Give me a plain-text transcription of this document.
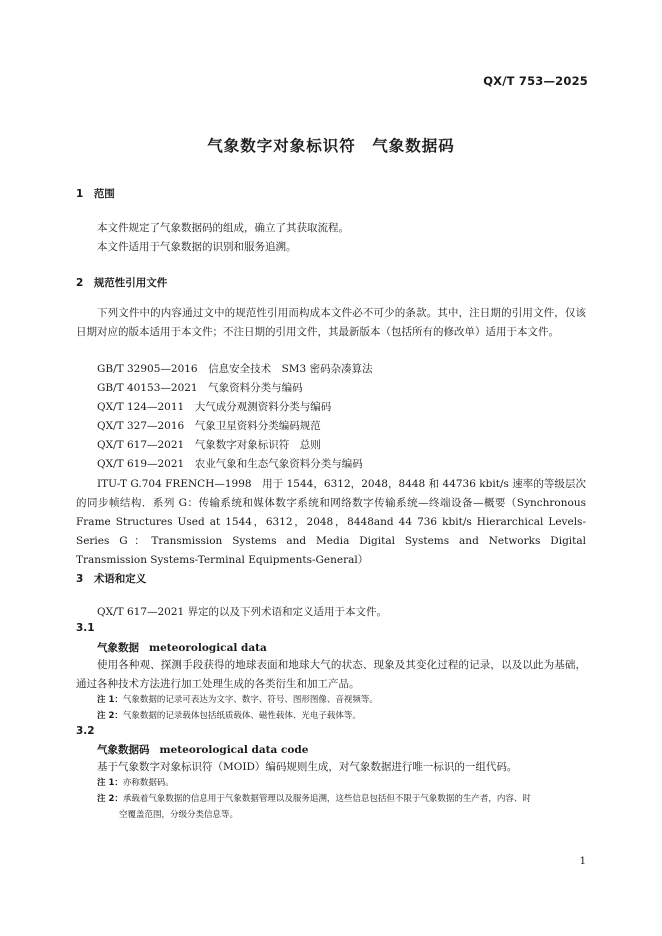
QX/T 753—2025
气象数字对象标识符　气象数据码
1　 范围
本文件规定了气象数据码的组成，确立了其获取流程。
本文件适用于气象数据的识别和服务追溯。
2　 规范性引用文件
下列文件中的内容通过文中的规范性引用而构成本文件必不可少的条款。其中，注日期的引用文件，仅该日期对应的版本适用于本文件；不注日期的引用文件，其最新版本（包括所有的修改单）适用于本文件。
GB/T 32905—2016　信息安全技术　SM3 密码杂凑算法
GB/T 40153—2021　气象资料分类与编码
QX/T 124—2011　大气成分观测资料分类与编码
QX/T 327—2016　气象卫星资料分类编码规范
QX/T 617—2021　气象数字对象标识符　总则
QX/T 619—2021　农业气象和生态气象资料分类与编码
ITU-T G.704 FRENCH—1998　用于 1544，6312，2048，8448 和 44736 kbit/s 速率的等级层次的同步帧结构．系列 G：传输系统和媒体数字系统和网络数字传输系统—终端设备—概要（Synchronous Frame Structures Used at 1544，6312，2048，8448and 44 736 kbit/s Hierarchical Levels-Series G：Transmission Systems and Media Digital Systems and Networks Digital Transmission Systems-Terminal Equipments-General）
3　 术语和定义
QX/T 617—2021 界定的以及下列术语和定义适用于本文件。
3.1
气象数据 meteorological data
使用各种观、探测手段获得的地球表面和地球大气的状态、现象及其变化过程的记录，以及以此为基础，通过各种技术方法进行加工处理生成的各类衍生和加工产品。
注 1：气象数据的记录可表达为文字、数字、符号、图形图像、音视频等。
注 2：气象数据的记录载体包括纸质载体、磁性载体、光电子载体等。
3.2
气象数据码 meteorological data code
基于气象数字对象标识符（MOID）编码规则生成，对气象数据进行唯一标识的一组代码。
注 1：亦称数据码。
注 2：承载着气象数据的信息用于气象数据管理以及服务追溯，这些信息包括但不限于气象数据的生产者，内容、时
空覆盖范围，分级分类信息等。
1
